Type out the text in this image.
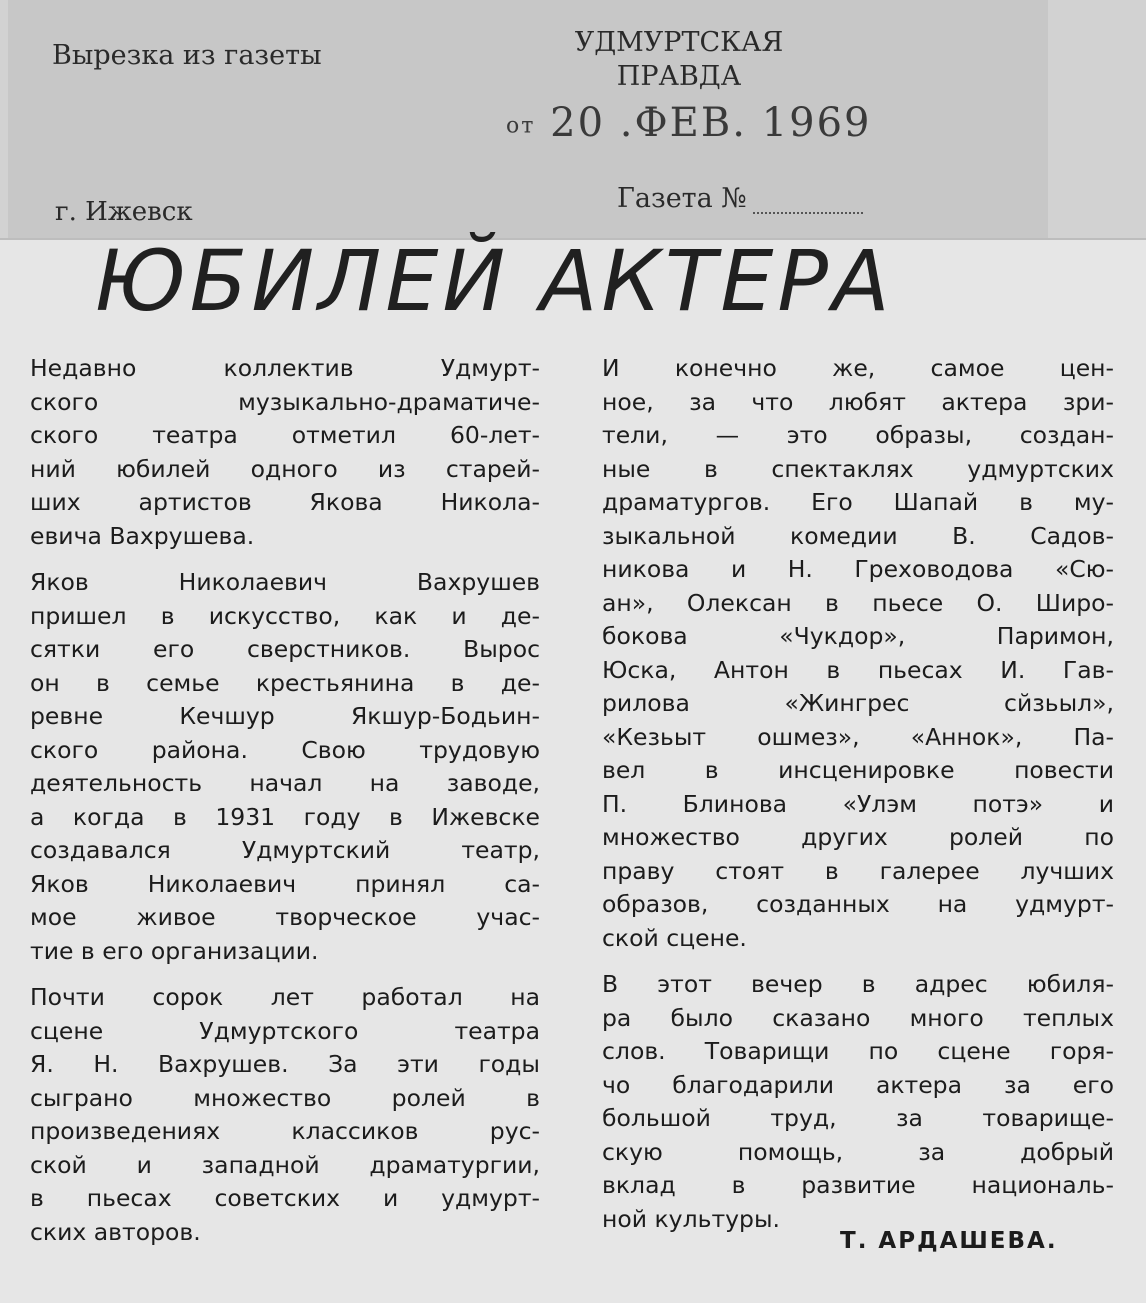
Вырезка из газеты
г. Ижевск
УДМУРТСКАЯ
ПРАВДА
от 20 .ФЕВ. 1969
Газета №
ЮБИЛЕЙ АКТЕРА
Недавно коллектив Удмурт-
ского музыкально-драматиче-
ского театра отметил 60-лет-
ний юбилей одного из старей-
ших артистов Якова Никола-
евича Вахрушева.
Яков Николаевич Вахрушев
пришел в искусство, как и де-
сятки его сверстников. Вырос
он в семье крестьянина в де-
ревне Кечшур Якшур-Бодьин-
ского района. Свою трудовую
деятельность начал на заводе,
а когда в 1931 году в Ижевске
создавался Удмуртский театр,
Яков Николаевич принял са-
мое живое творческое учас-
тие в его организации.
Почти сорок лет работал на
сцене Удмуртского театра
Я. Н. Вахрушев. За эти годы
сыграно множество ролей в
произведениях классиков рус-
ской и западной драматургии,
в пьесах советских и удмурт-
ских авторов.
И конечно же, самое цен-
ное, за что любят актера зри-
тели, — это образы, создан-
ные в спектаклях удмуртских
драматургов. Его Шапай в му-
зыкальной комедии В. Садов-
никова и Н. Греховодова «Сю-
ан», Олексан в пьесе О. Широ-
бокова «Чукдор», Паримон,
Юска, Антон в пьесах И. Гав-
рилова «Жингрес сйзьыл»,
«Кезьыт ошмез», «Аннок», Па-
вел в инсценировке повести
П. Блинова «Улэм потэ» и
множество других ролей по
праву стоят в галерее лучших
образов, созданных на удмурт-
ской сцене.
В этот вечер в адрес юбиля-
ра было сказано много теплых
слов. Товарищи по сцене горя-
чо благодарили актера за его
большой труд, за товарище-
скую помощь, за добрый
вклад в развитие националь-
ной культуры.
Т. АРДАШЕВА.
